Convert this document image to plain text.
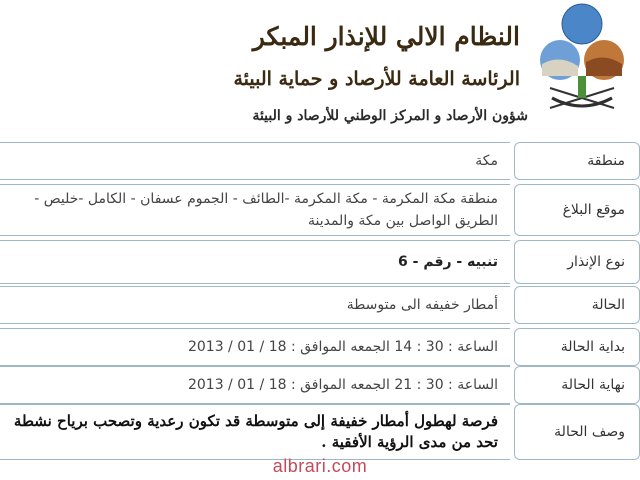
النظام الالي للإنذار المبكر
الرئاسة العامة للأرصاد و حماية البيئة
شؤون الأرصاد و المركز الوطني للأرصاد و البيئة
منطقة
مكة
موقع البلاغ
منطقة مكة المكرمة - مكة المكرمة -الطائف - الجموم عسفان - الكامل -خليص - الطريق الواصل بين مكة والمدينة
نوع الإنذار
تنبيه - رقم - 6
الحالة
أمطار خفيفه الى متوسطة
بداية الحالة
الساعة : 30 : 14 الجمعه الموافق : 18 / 01 / 2013
نهاية الحالة
الساعة : 30 : 21 الجمعه الموافق : 18 / 01 / 2013
وصف الحالة
فرصة لهطول أمطار خفيفة إلى متوسطة قد تكون رعدية وتصحب برياح نشطة تحد من مدى الرؤية الأفقية .
albrari.com
